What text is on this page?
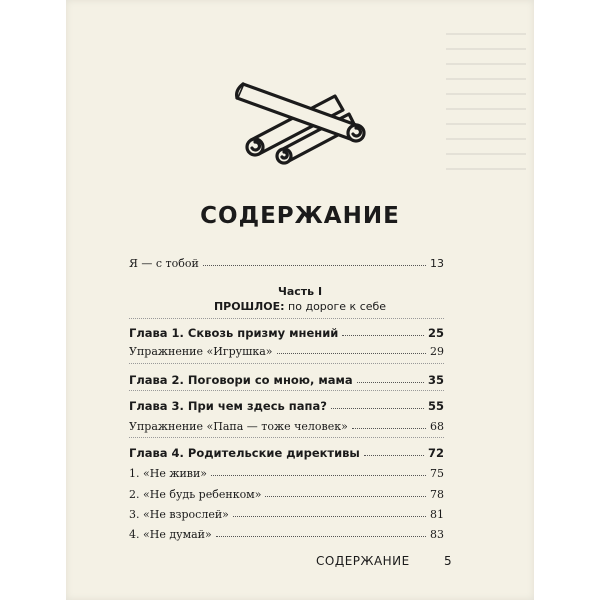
СОДЕРЖАНИЕ
Я — с тобой	13
Часть I
ПРОШЛОЕ: по дороге к себе
Глава 1. Сквозь призму мнений	25
Упражнение «Игрушка»	29
Глава 2. Поговори со мною, мама	35
Глава 3. При чем здесь папа?	55
Упражнение «Папа — тоже человек»	68
Глава 4. Родительские директивы	72
1. «Не живи»	75
2. «Не будь ребенком»	78
3. «Не взрослей»	81
4. «Не думай»	83
СОДЕРЖАНИЕ	5
